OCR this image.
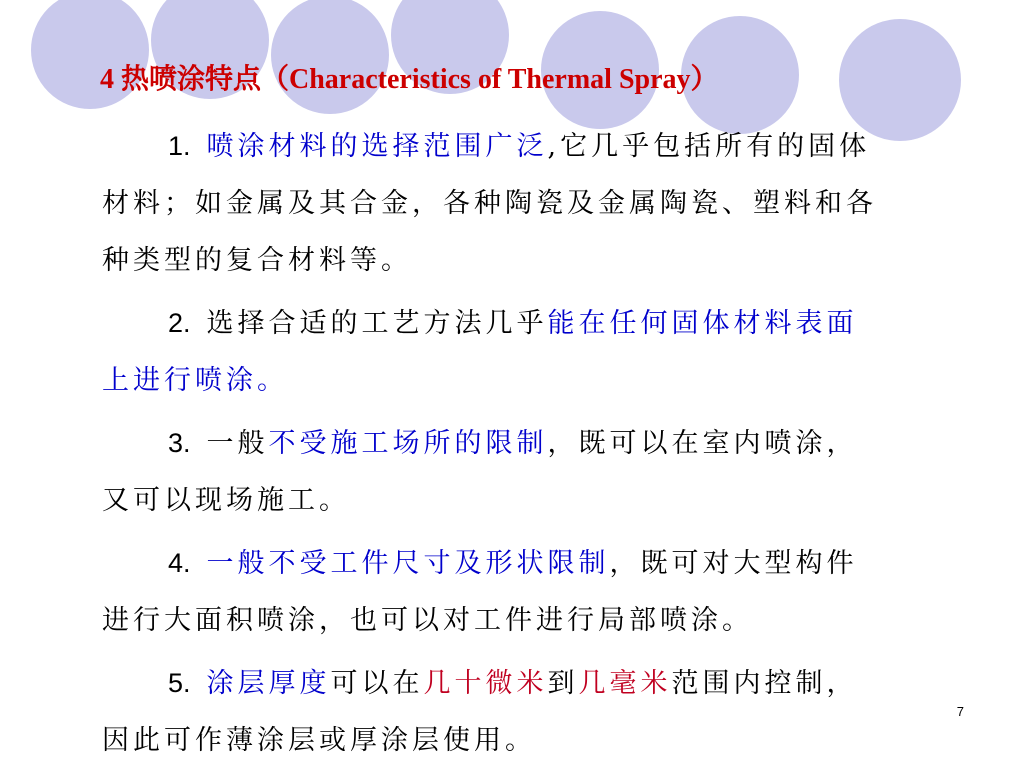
4 热喷涂特点（Characteristics of Thermal Spray）
1. 喷涂材料的选择范围广泛,它几乎包括所有的固体
材料；如金属及其合金，各种陶瓷及金属陶瓷、塑料和各
种类型的复合材料等。
2. 选择合适的工艺方法几乎能在任何固体材料表面
上进行喷涂。
3. 一般不受施工场所的限制，既可以在室内喷涂，
又可以现场施工。
4. 一般不受工件尺寸及形状限制，既可对大型构件
进行大面积喷涂，也可以对工件进行局部喷涂。
5. 涂层厚度可以在几十微米到几毫米范围内控制，
因此可作薄涂层或厚涂层使用。
7
